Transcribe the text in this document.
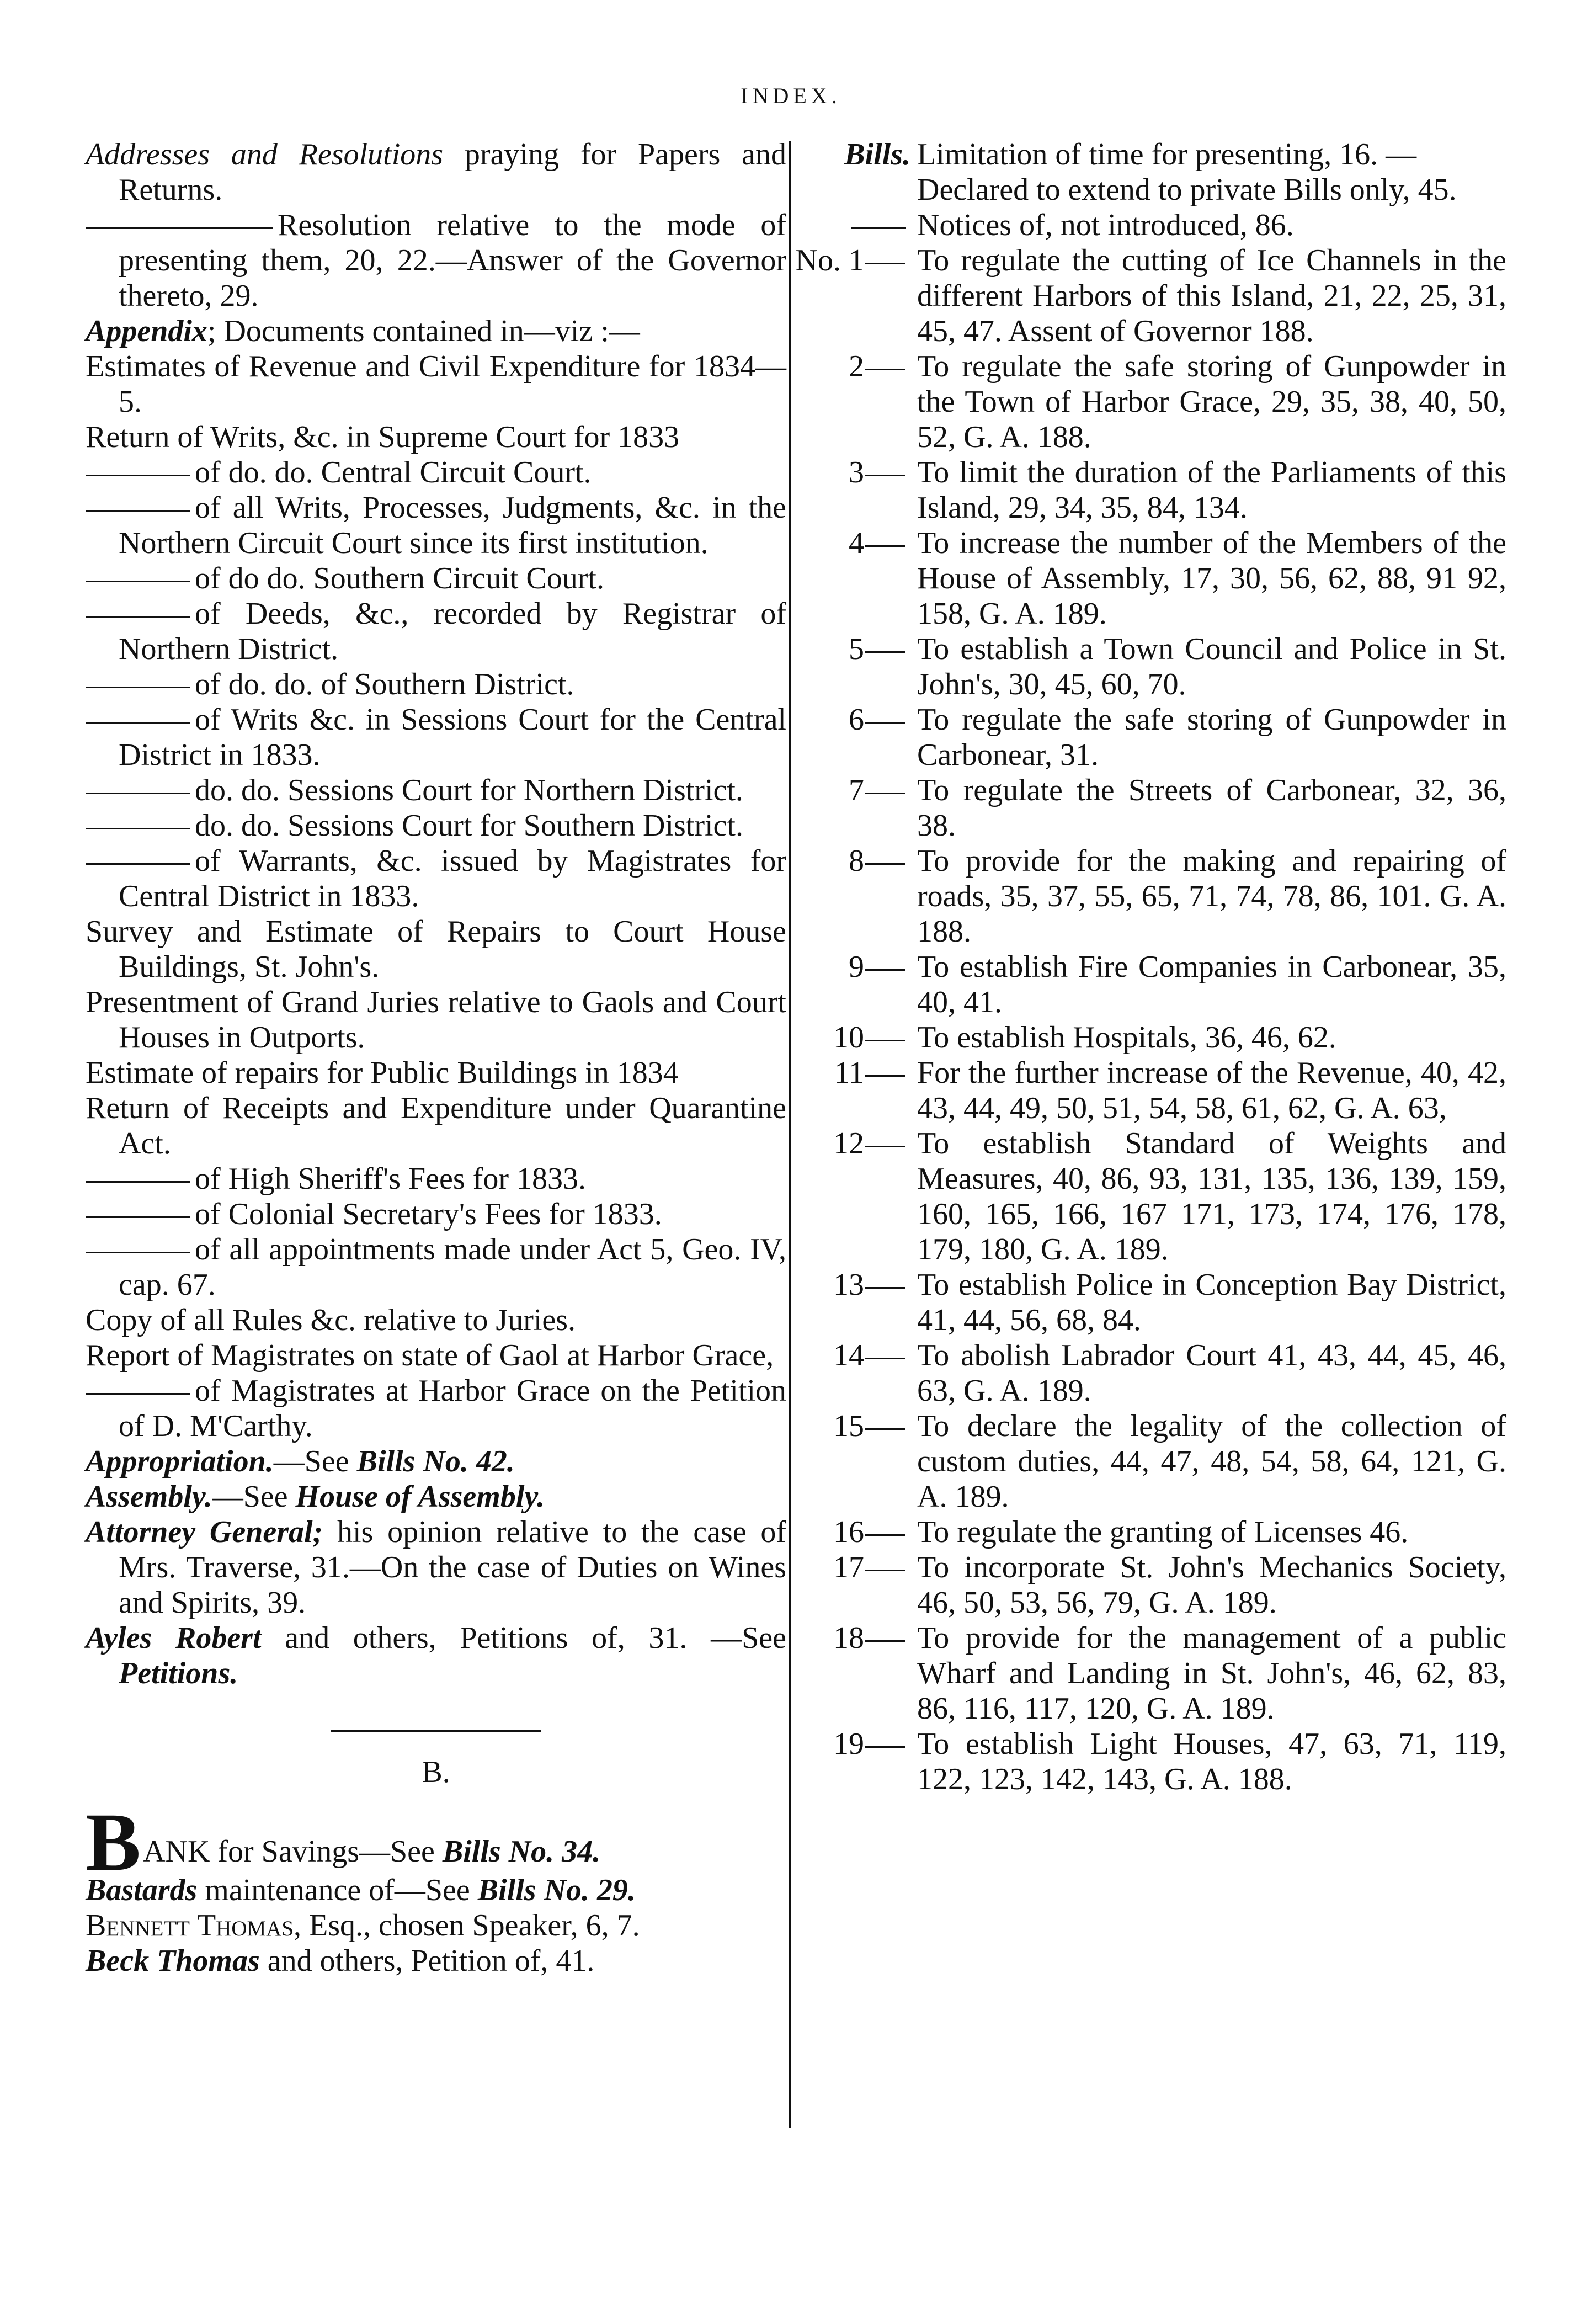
INDEX.

Addresses and Resolutions praying for Papers and Returns.

Resolution relative to the mode of presenting them, 20, 22.—Answer of the Governor thereto, 29.

Appendix; Documents contained in—viz :—

Estimates of Revenue and Civil Expenditure for 1834—5.

Return of Writs, &c. in Supreme Court for 1833

of do. do. Central Circuit Court.

of all Writs, Processes, Judgments, &c. in the Northern Circuit Court since its first institution.

of do do. Southern Circuit Court.

of Deeds, &c., recorded by Registrar of Northern District.

of do. do. of Southern District.

of Writs &c. in Sessions Court for the Central District in 1833.

do. do. Sessions Court for Northern District.

do. do. Sessions Court for Southern District.

of Warrants, &c. issued by Magistrates for Central District in 1833.

Survey and Estimate of Repairs to Court House Buildings, St. John's.

Presentment of Grand Juries relative to Gaols and Court Houses in Outports.

Estimate of repairs for Public Buildings in 1834

Return of Receipts and Expenditure under Quarantine Act.

of High Sheriff's Fees for 1833.

of Colonial Secretary's Fees for 1833.

of all appointments made under Act 5, Geo. IV, cap. 67.

Copy of all Rules &c. relative to Juries.

Report of Magistrates on state of Gaol at Harbor Grace,

of Magistrates at Harbor Grace on the Petition of D. M'Carthy.

Appropriation.—See Bills No. 42.

Assembly.—See House of Assembly.

Attorney General; his opinion relative to the case of Mrs. Traverse, 31.—On the case of Duties on Wines and Spirits, 39.

Ayles Robert and others, Petitions of, 31. —See Petitions.

B.

B ANK for Savings—See Bills No. 34.

Bastards maintenance of—See Bills No. 29.

Bennett Thomas, Esq., chosen Speaker, 6, 7.

Beck Thomas and others, Petition of, 41.

Bills. Limitation of time for presenting, 16. —Declared to extend to private Bills only, 45.
Notices of, not introduced, 86.
No. 1	To regulate the cutting of Ice Channels in the different Harbors of this Island, 21, 22, 25, 31, 45, 47. Assent of Governor 188.
2	To regulate the safe storing of Gunpowder in the Town of Harbor Grace, 29, 35, 38, 40, 50, 52, G. A. 188.
3	To limit the duration of the Parliaments of this Island, 29, 34, 35, 84, 134.
4	To increase the number of the Members of the House of Assembly, 17, 30, 56, 62, 88, 91 92, 158, G. A. 189.
5	To establish a Town Council and Police in St. John's, 30, 45, 60, 70.
6	To regulate the safe storing of Gunpowder in Carbonear, 31.
7	To regulate the Streets of Carbonear, 32, 36, 38.
8	To provide for the making and repairing of roads, 35, 37, 55, 65, 71, 74, 78, 86, 101. G. A. 188.
9	To establish Fire Companies in Carbonear, 35, 40, 41.
10	To establish Hospitals, 36, 46, 62.
11	For the further increase of the Revenue, 40, 42, 43, 44, 49, 50, 51, 54, 58, 61, 62, G. A. 63,
12	To establish Standard of Weights and Measures, 40, 86, 93, 131, 135, 136, 139, 159, 160, 165, 166, 167 171, 173, 174, 176, 178, 179, 180, G. A. 189.
13	To establish Police in Conception Bay District, 41, 44, 56, 68, 84.
14	To abolish Labrador Court 41, 43, 44, 45, 46, 63, G. A. 189.
15	To declare the legality of the collection of custom duties, 44, 47, 48, 54, 58, 64, 121, G. A. 189.
16	To regulate the granting of Licenses 46.
17	To incorporate St. John's Mechanics Society, 46, 50, 53, 56, 79, G. A. 189.
18	To provide for the management of a public Wharf and Landing in St. John's, 46, 62, 83, 86, 116, 117, 120, G. A. 189.
19	To establish Light Houses, 47, 63, 71, 119, 122, 123, 142, 143, G. A. 188.
